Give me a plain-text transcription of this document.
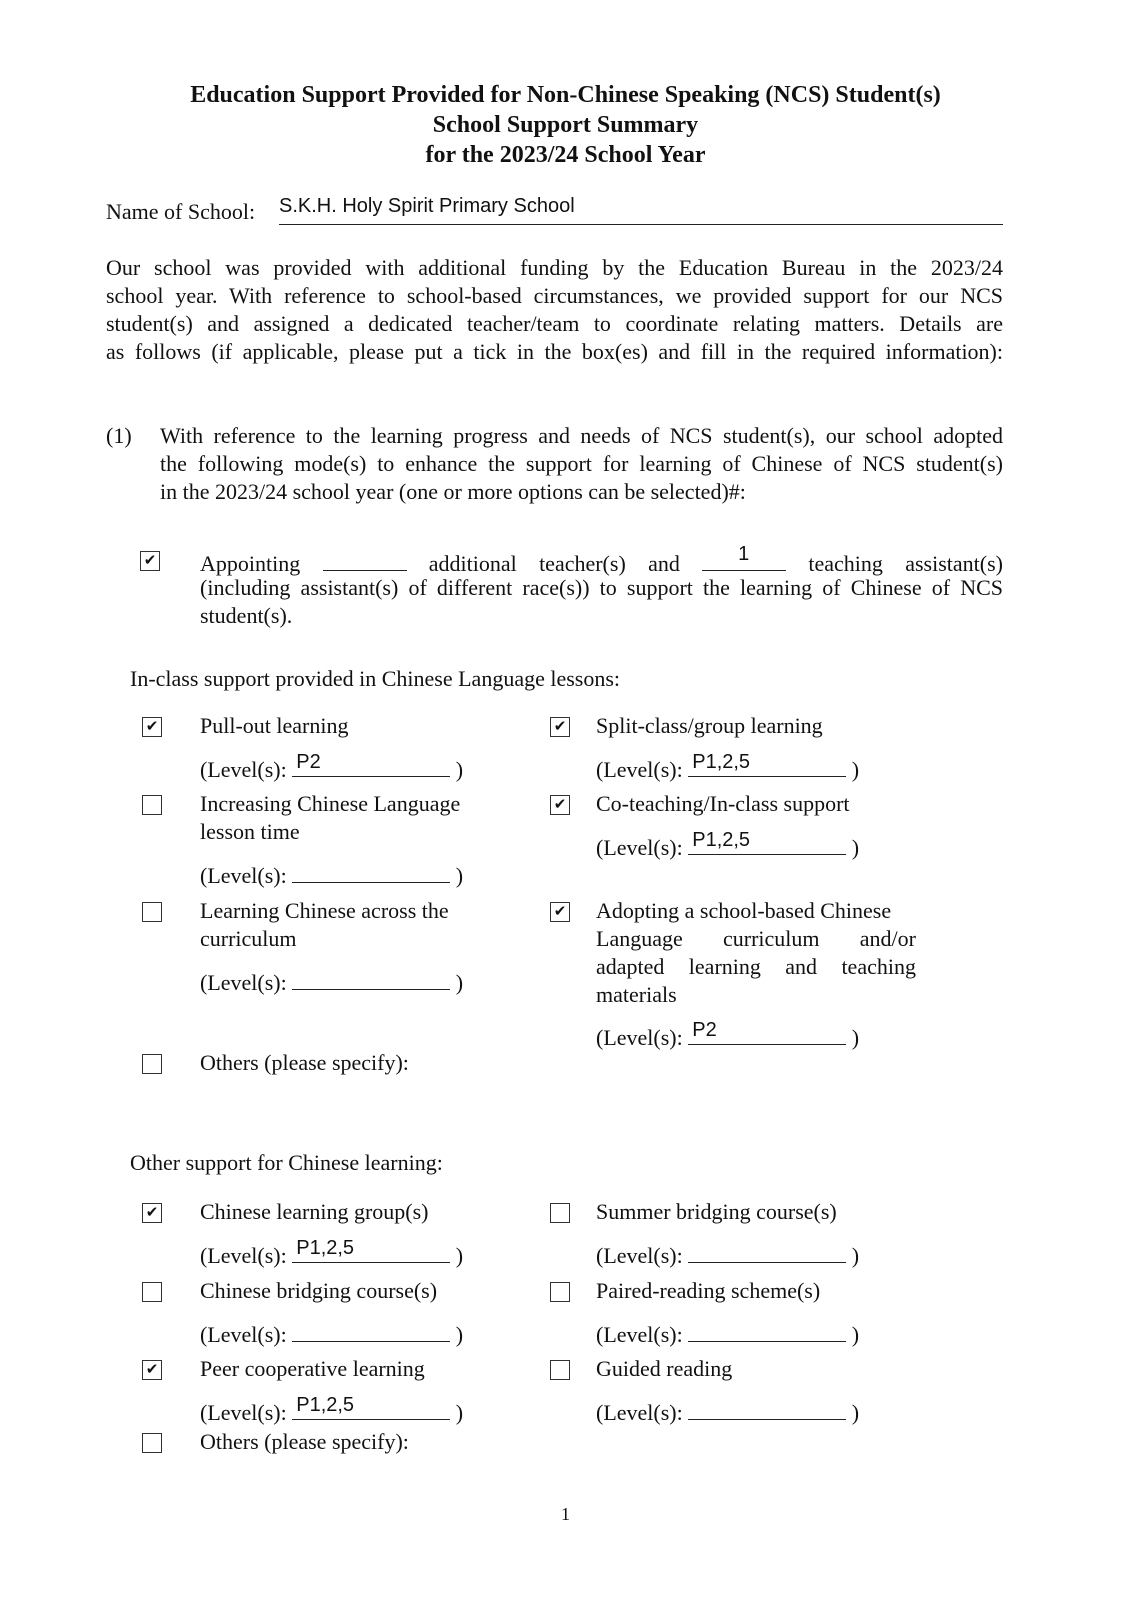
Education Support Provided for Non-Chinese Speaking (NCS) Student(s)
School Support Summary
for the 2023/24 School Year
Name of School: S.K.H. Holy Spirit Primary School
Our school was provided with additional funding by the Education Bureau in the 2023/24
school year. With reference to school-based circumstances, we provided support for our NCS
student(s) and assigned a dedicated teacher/team to coordinate relating matters. Details are
as follows (if applicable, please put a tick in the box(es) and fill in the required information):
(1) With reference to the learning progress and needs of NCS student(s), our school adopted
the following mode(s) to enhance the support for learning of Chinese of NCS student(s)
in the 2023/24 school year (one or more options can be selected)#:
✔ Appointing	additional teacher(s) and	1	teaching assistant(s)
(including assistant(s) of different race(s)) to support the learning of Chinese of NCS
student(s).
In-class support provided in Chinese Language lessons:
✔ Pull-out learning
(Level(s): P2	)
Increasing Chinese Language
lesson time
(Level(s):	)
Learning Chinese across the
curriculum
(Level(s):	)
Others (please specify):
✔ Split-class/group learning
(Level(s): P1,2,5	)
✔ Co-teaching/In-class support
(Level(s): P1,2,5	)
✔ Adopting a school-based Chinese
Language curriculum and/or
adapted learning and teaching
materials
(Level(s): P2	)
Other support for Chinese learning:
✔ Chinese learning group(s)
(Level(s): P1,2,5	)
Chinese bridging course(s)
(Level(s):	)
✔ Peer cooperative learning
(Level(s): P1,2,5	)
Others (please specify):
Summer bridging course(s)
(Level(s):	)
Paired-reading scheme(s)
(Level(s):	)
Guided reading
(Level(s):	)
1
